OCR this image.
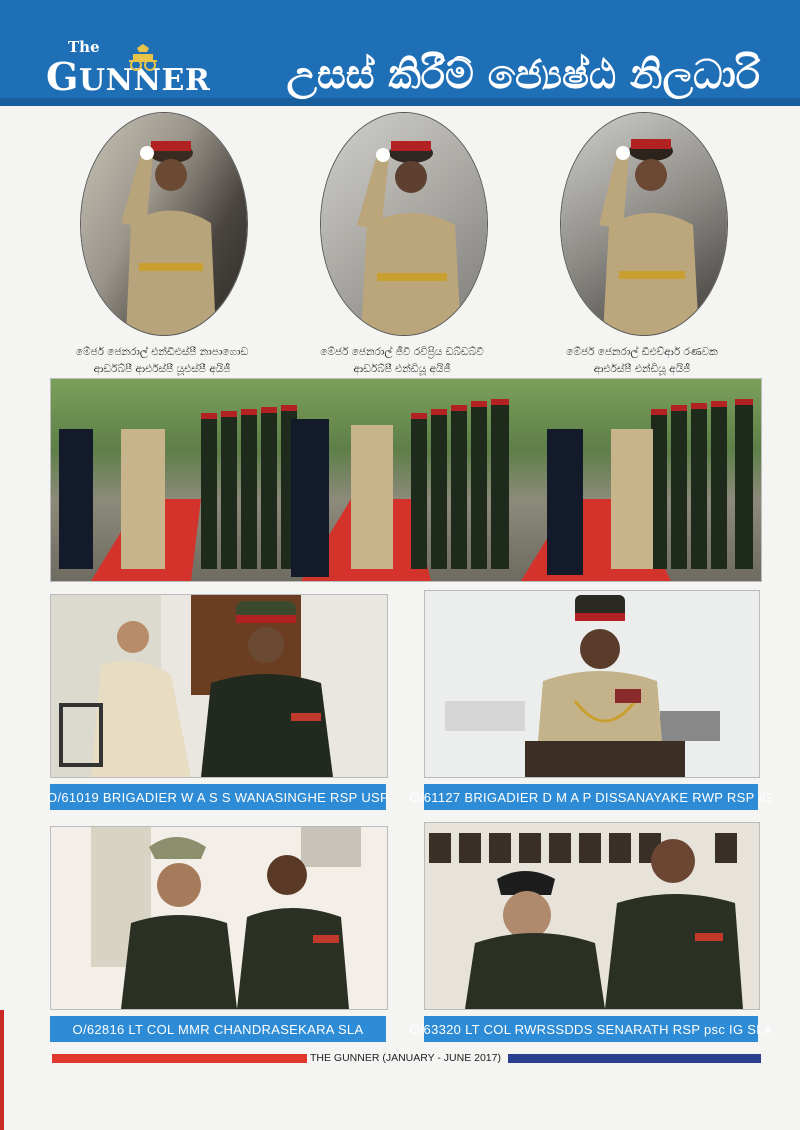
The
GUNNER උසස් කිරීම් ජ්‍යෙෂ්ඨ නිලධාරි
මේජර් ජෙනරාල් එන්ඩීඑස්පී නාපාගොඩ
ආර්ඩබ්පී ආර්එස්පී යූඑස්පී අයිජී
මේජර් ජෙනරාල් ජීවී රවිප්‍රිය ඩබ්ඩබ්වී
ආර්ඩබ්පී එන්ඩියූ අයිජී
මේජර් ජෙනරාල් ඩීඑච්ආර් රණවක
ආර්එස්පී එන්ඩියූ අයිජී
O/61019 BRIGADIER W A S S WANASINGHE RSP USP O/61127 BRIGADIER D M A P DISSANAYAKE RWP RSP IG
O/62816 LT COL MMR CHANDRASEKARA SLA	O/63320 LT COL RWRSSDDS SENARATH RSP psc IG SLA
THE GUNNER (JANUARY - JUNE 2017)
